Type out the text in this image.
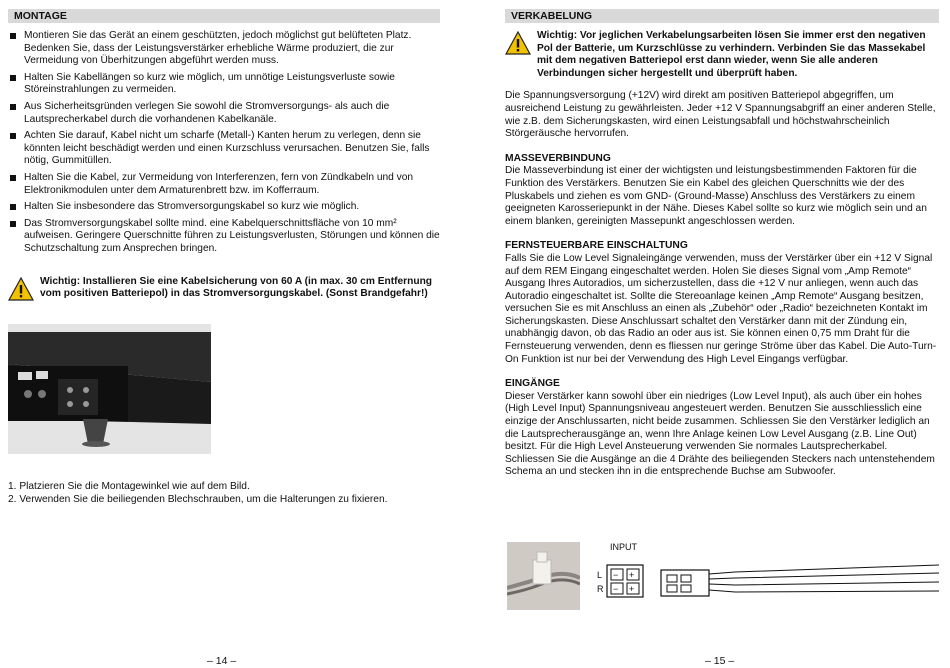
MONTAGE
Montieren Sie das Gerät an einem geschützten, jedoch möglichst gut belüfteten Platz. Bedenken Sie, dass der Leistungsverstärker erhebliche Wärme produziert, die zur Vermeidung von Überhitzungen abgeführt werden muss.
Halten Sie Kabellängen so kurz wie möglich, um unnötige Leistungsverluste sowie Störeinstrahlungen zu vermeiden.
Aus Sicherheitsgründen verlegen Sie sowohl die Stromversorgungs- als auch die Lautsprecherkabel durch die vorhandenen Kabelkanäle.
Achten Sie darauf, Kabel nicht um scharfe (Metall-) Kanten herum zu verlegen, denn sie könnten leicht beschädigt werden und einen Kurzschluss verursachen. Benutzen Sie, falls nötig, Gummitüllen.
Halten Sie die Kabel, zur Vermeidung von Interferenzen, fern von Zündkabeln und von Elektronikmodulen unter dem Armaturenbrett bzw. im Kofferraum.
Halten Sie insbesondere das Stromversorgungskabel so kurz wie möglich.
Das Stromversorgungskabel sollte mind. eine Kabelquerschnittsfläche von 10 mm² aufweisen. Geringere Querschnitte führen zu Leistungsverlusten, Störungen und können die Schutzschaltung zum Ansprechen bringen.
Wichtig: Installieren Sie eine Kabelsicherung von 60 A (in max. 30 cm Entfernung vom positiven Batteriepol) in das Stromversorgungskabel. (Sonst Brandgefahr!)
1. Platzieren Sie die Montagewinkel wie auf dem Bild.
2. Verwenden Sie die beiliegenden Blechschrauben, um die Halterungen zu fixieren.
– 14 –
VERKABELUNG
Wichtig: Vor jeglichen Verkabelungsarbeiten lösen Sie immer erst den negativen Pol der Batterie, um Kurzschlüsse zu verhindern. Verbinden Sie das Massekabel mit dem negativen Batteriepol erst dann wieder, wenn Sie alle anderen Verbindungen sicher hergestellt und überprüft haben.
Die Spannungsversorgung (+12V) wird direkt am positiven Batteriepol abgegriffen, um ausreichend Leistung zu gewährleisten. Jeder +12 V Spannungsabgriff an einer anderen Stelle, wie z.B. dem Sicherungskasten, wird einen Leistungsabfall und höchstwahrscheinlich Störgeräusche hervorrufen.
MASSEVERBINDUNG
Die Masseverbindung ist einer der wichtigsten und leistungsbestimmenden Faktoren für die Funktion des Verstärkers. Benutzen Sie ein Kabel des gleichen Querschnitts wie der des Pluskabels und ziehen es vom GND- (Ground-Masse) Anschluss des Verstärkers zu einem geeigneten Karosseriepunkt in der Nähe. Dieses Kabel sollte so kurz wie möglich sein und an einem blanken, gereinigten Massepunkt angeschlossen werden.
FERNSTEUERBARE EINSCHALTUNG
Falls Sie die Low Level Signaleingänge verwenden, muss der Verstärker über ein +12 V Signal auf dem REM Eingang eingeschaltet werden. Holen Sie dieses Signal vom „Amp Remote“ Ausgang Ihres Autoradios, um sicherzustellen, dass die +12 V nur anliegen, wenn auch das Autoradio eingeschaltet ist. Sollte die Stereoanlage keinen „Amp Remote“ Ausgang besitzen, versuchen Sie es mit Anschluss an einen als „Zubehör“ oder „Radio“ bezeichneten Kontakt im Sicherungskasten. Diese Anschlussart schaltet den Verstärker dann mit der Zündung ein, unabhängig davon, ob das Radio an oder aus ist. Sie können einen 0,75 mm Draht für die Fernsteuerung verwenden, denn es fliessen nur geringe Ströme über das Kabel. Die Auto-Turn-On Funktion ist nur bei der Verwendung des High Level Eingangs verfügbar.
EINGÄNGE
Dieser Verstärker kann sowohl über ein niedriges (Low Level Input), als auch über ein hohes (High Level Input) Spannungsniveau angesteuert werden. Benutzen Sie ausschliesslich eine einzige der Anschlussarten, nicht beide zusammen. Schliessen Sie den Verstärker lediglich an die Lautsprecherausgänge an, wenn Ihre Anlage keinen Low Level Ausgang (z.B. Line Out) besitzt. Für die High Level Ansteuerung verwenden Sie normales Lautsprecherkabel. Schliessen Sie die Ausgänge an die 4 Drähte des beiliegenden Steckers nach untenstehendem Schema an und stecken ihn in die entsprechende Buchse am Subwoofer.
INPUT
L
R
− +
− +
– 15 –
